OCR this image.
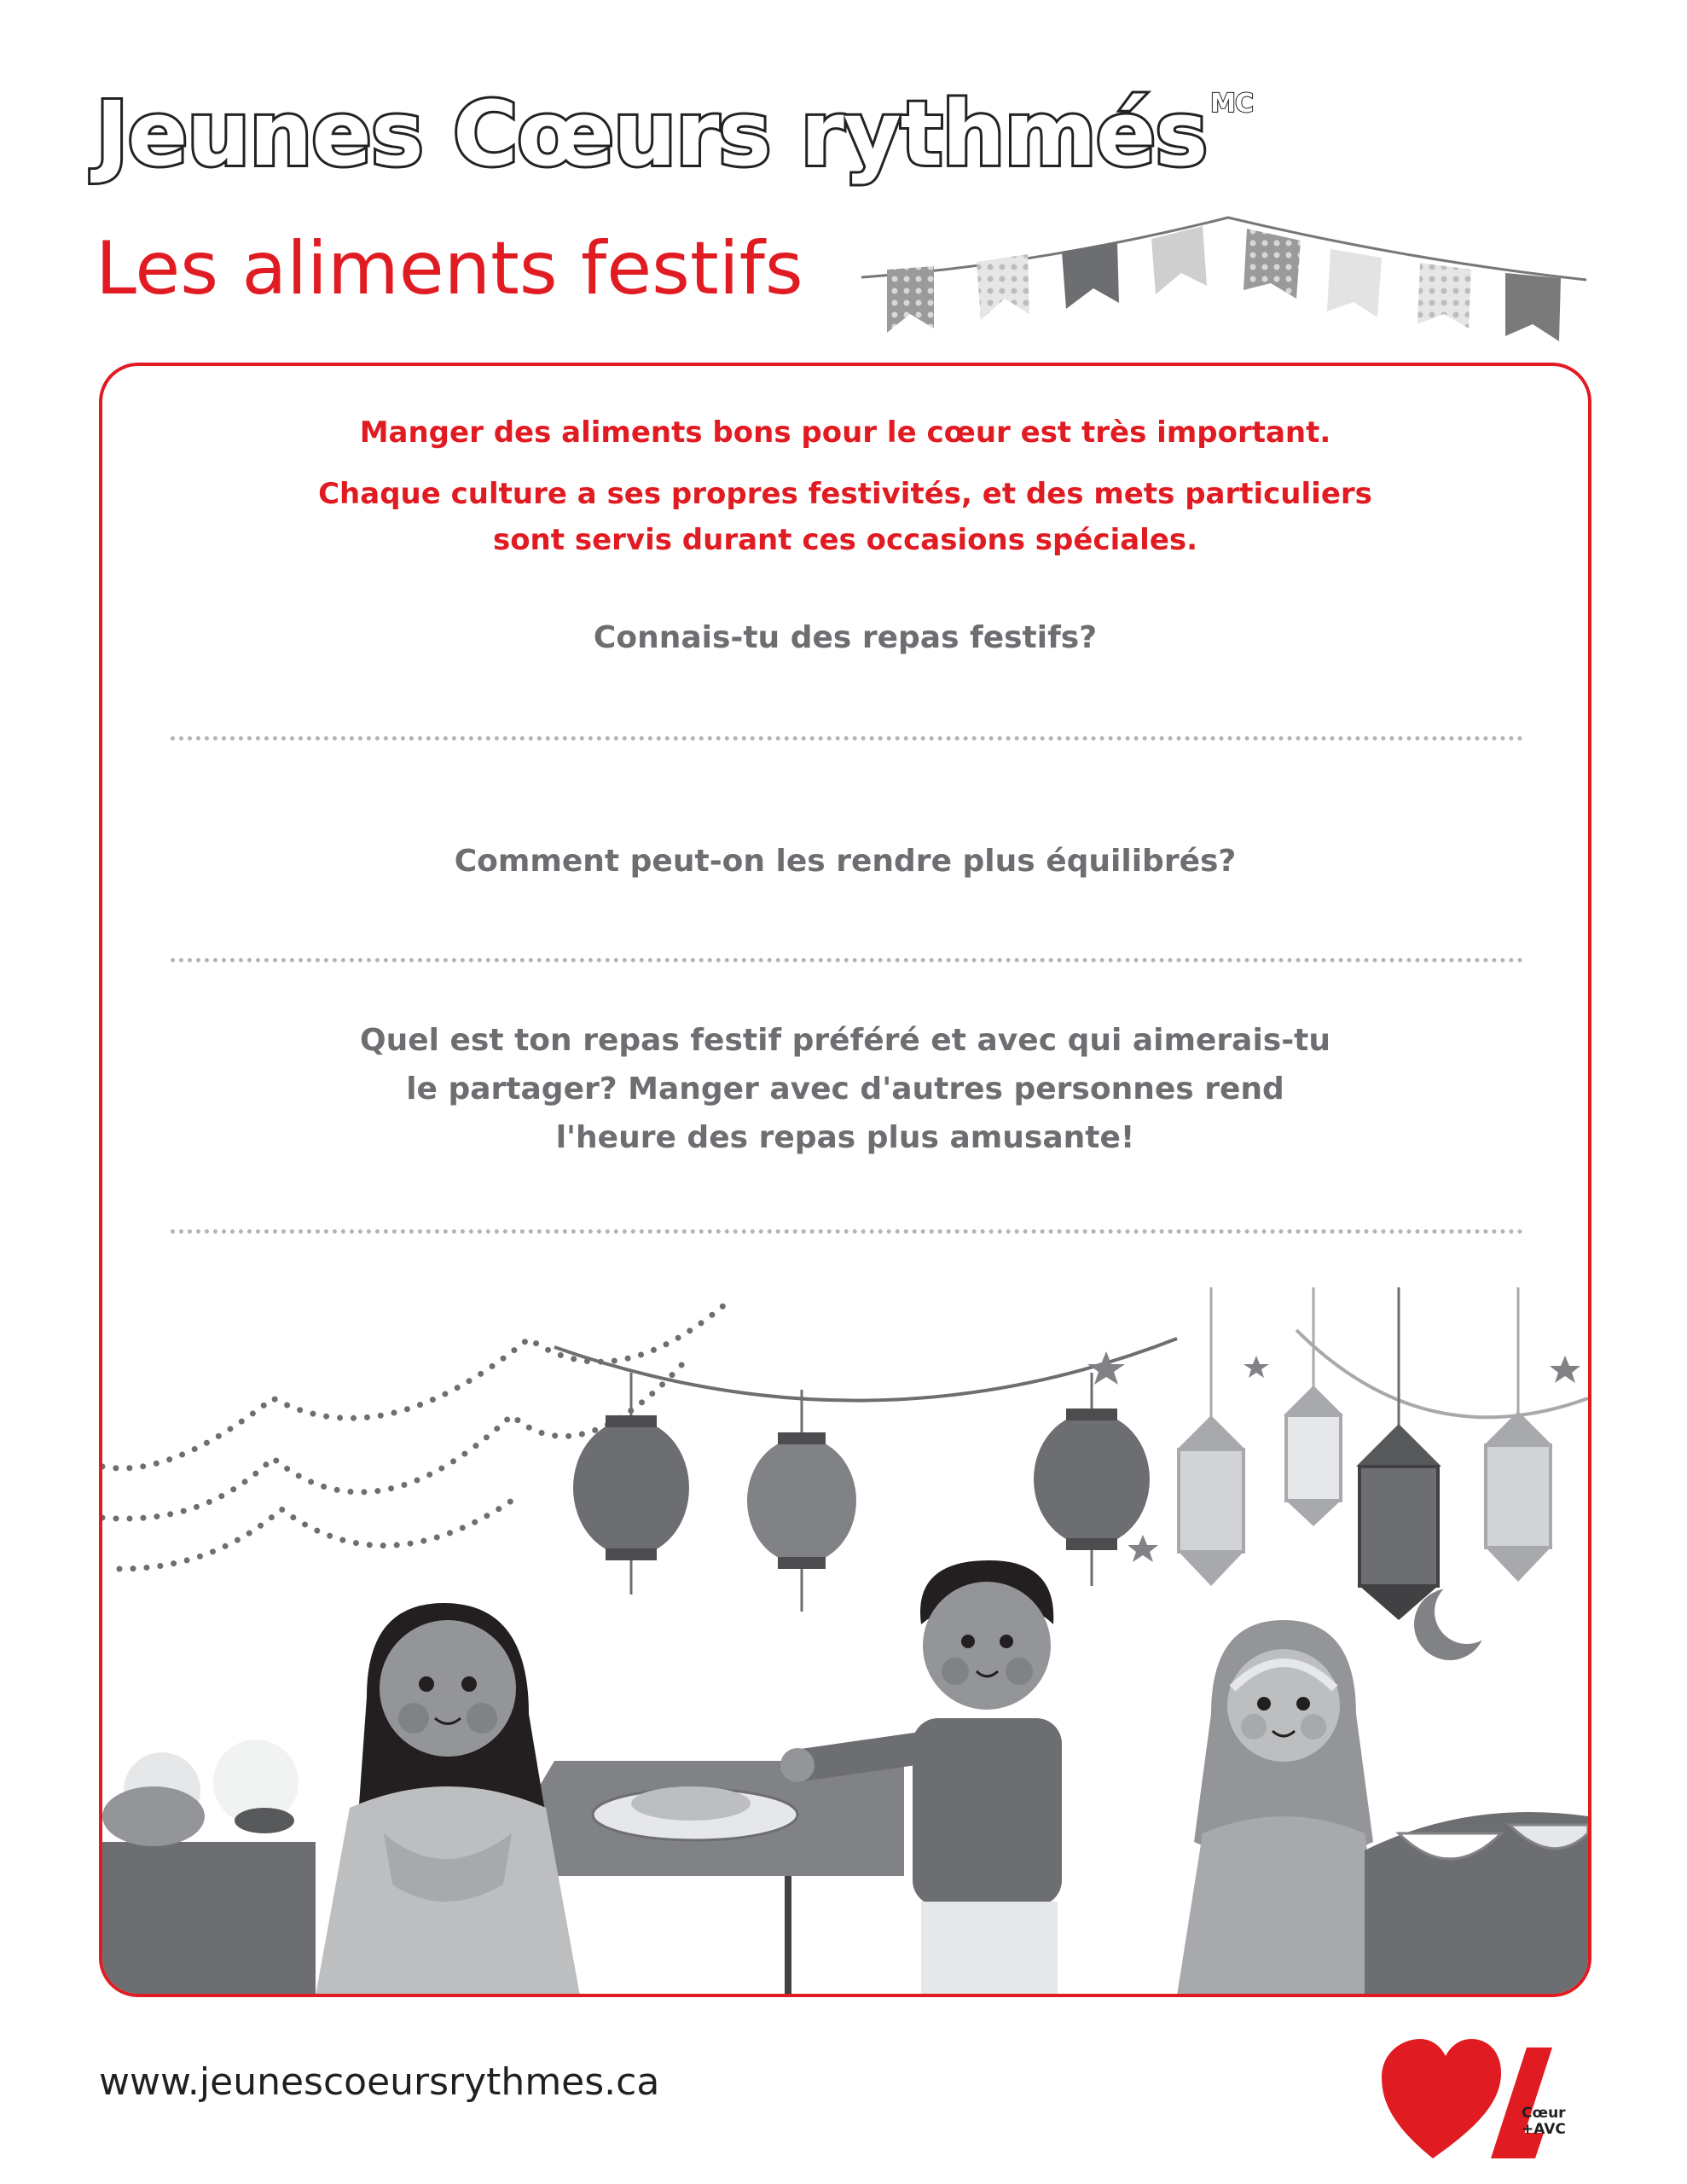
Jeunes Cœurs rythmés $^{MC}$
Les aliments festifs

Manger des aliments bons pour le cœur est très important.

Chaque culture a ses propres festivités, et des mets particuliers

sont servis durant ces occasions spéciales.

Connais-tu des repas festifs?

Comment peut-on les rendre plus équilibrés?

Quel est ton repas festif préféré et avec qui aimerais-tu

le partager? Manger avec d'autres personnes rend

l'heure des repas plus amusante!

www.jeunescoeursrythmes.ca

Cœur
+AVC
